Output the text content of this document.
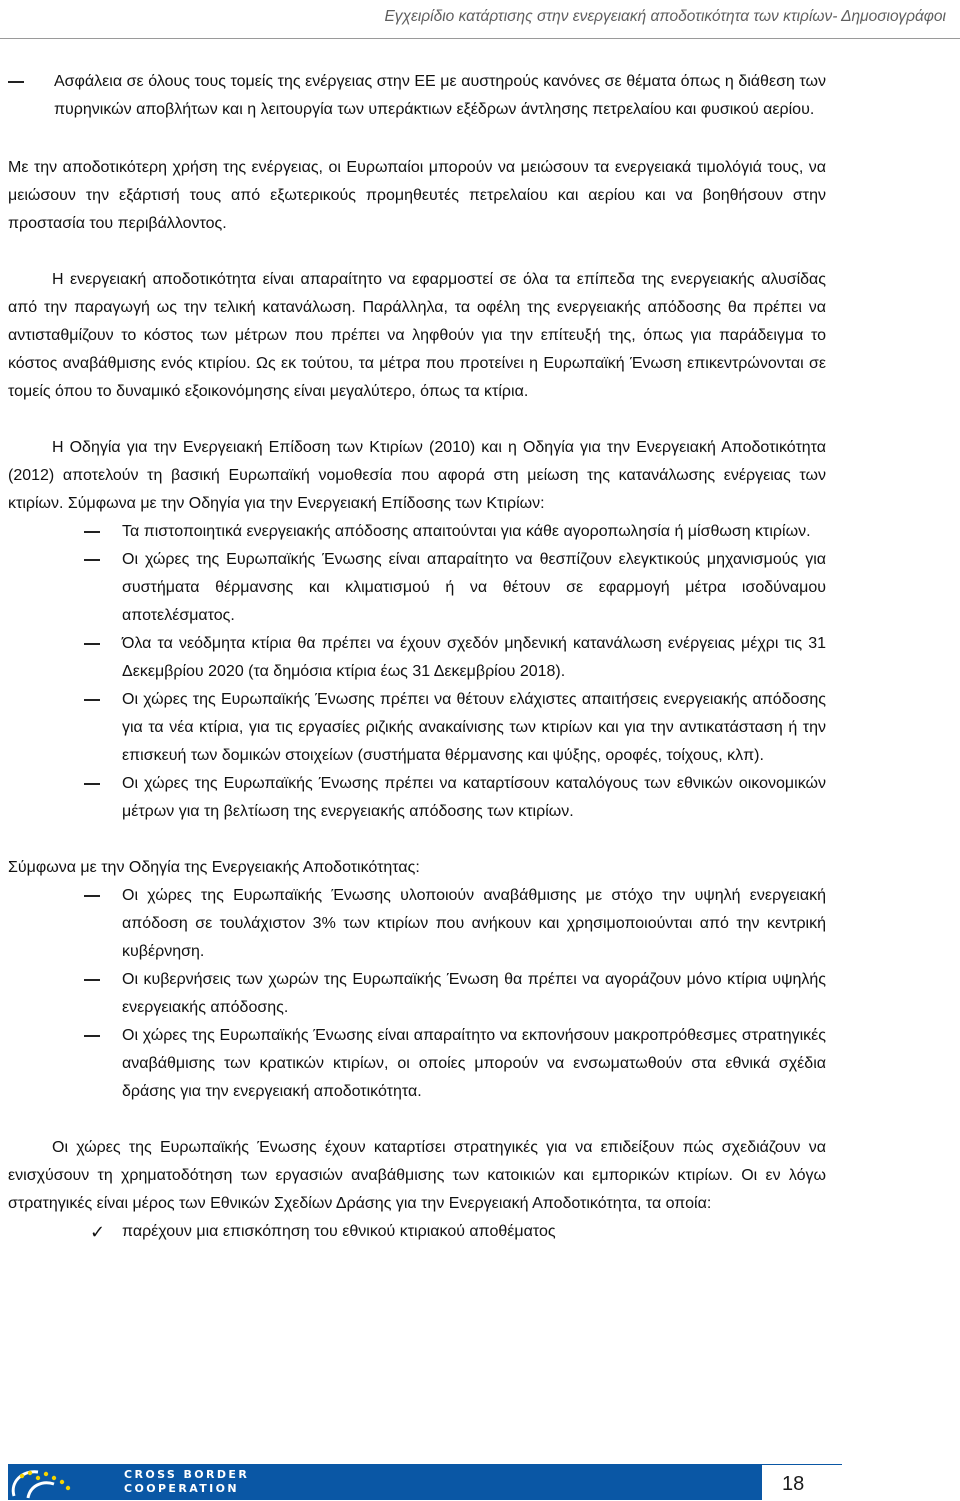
Εγχειρίδιο κατάρτισης στην ενεργειακή αποδοτικότητα των κτιρίων- Δημοσιογράφοι

Ασφάλεια σε όλους τους τομείς της ενέργειας στην ΕΕ με αυστηρούς κανόνες σε θέματα όπως η διάθεση των πυρηνικών αποβλήτων και η λειτουργία των υπεράκτιων εξέδρων άντλησης πετρελαίου και φυσικού αερίου.

Με την αποδοτικότερη χρήση της ενέργειας, οι Ευρωπαίοι μπορούν να μειώσουν τα ενεργειακά τιμολόγιά τους, να μειώσουν την εξάρτισή τους από εξωτερικούς προμηθευτές πετρελαίου και αερίου και να βοηθήσουν στην προστασία του περιβάλλοντος.

Η ενεργειακή αποδοτικότητα είναι απαραίτητο να εφαρμοστεί σε όλα τα επίπεδα της ενεργειακής αλυσίδας από την παραγωγή ως την τελική κατανάλωση. Παράλληλα, τα οφέλη της ενεργειακής απόδοσης θα πρέπει να αντισταθμίζουν το κόστος των μέτρων που πρέπει να ληφθούν για την επίτευξή της, όπως για παράδειγμα το κόστος αναβάθμισης ενός κτιρίου. Ως εκ τούτου, τα μέτρα που προτείνει η Ευρωπαϊκή Ένωση επικεντρώνονται σε τομείς όπου το δυναμικό εξοικονόμησης είναι μεγαλύτερο, όπως τα κτίρια.

Η Οδηγία για την Ενεργειακή Επίδοση των Κτιρίων (2010) και η Οδηγία για την Ενεργειακή Αποδοτικότητα (2012) αποτελούν τη βασική Ευρωπαϊκή νομοθεσία που αφορά στη μείωση της κατανάλωσης ενέργειας των κτιρίων. Σύμφωνα με την Οδηγία για την Ενεργειακή Επίδοσης των Κτιρίων:

Τα πιστοποιητικά ενεργειακής απόδοσης απαιτούνται για κάθε αγοροπωλησία ή μίσθωση κτιρίων.

Οι χώρες της Ευρωπαϊκής Ένωσης είναι απαραίτητο να θεσπίζουν ελεγκτικούς μηχανισμούς για συστήματα θέρμανσης και κλιματισμού ή να θέτουν σε εφαρμογή μέτρα ισοδύναμου αποτελέσματος.

Όλα τα νεόδμητα κτίρια θα πρέπει να έχουν σχεδόν μηδενική κατανάλωση ενέργειας μέχρι τις 31 Δεκεμβρίου 2020 (τα δημόσια κτίρια έως 31 Δεκεμβρίου 2018).

Οι χώρες της Ευρωπαϊκής Ένωσης πρέπει να θέτουν ελάχιστες απαιτήσεις ενεργειακής απόδοσης για τα νέα κτίρια, για τις εργασίες ριζικής ανακαίνισης των κτιρίων και για την αντικατάσταση ή την επισκευή των δομικών στοιχείων (συστήματα θέρμανσης και ψύξης, οροφές, τοίχους, κλπ).

Οι χώρες της Ευρωπαϊκής Ένωσης πρέπει να καταρτίσουν καταλόγους των εθνικών οικονομικών μέτρων για τη βελτίωση της ενεργειακής απόδοσης των κτιρίων.

Σύμφωνα με την Οδηγία της Ενεργειακής Αποδοτικότητας:

Οι χώρες της Ευρωπαϊκής Ένωσης υλοποιούν αναβάθμισης με στόχο την υψηλή ενεργειακή απόδοση σε τουλάχιστον 3% των κτιρίων που ανήκουν και χρησιμοποιούνται από την κεντρική κυβέρνηση.

Οι κυβερνήσεις των χωρών της Ευρωπαϊκής Ένωση θα πρέπει να αγοράζουν μόνο κτίρια υψηλής ενεργειακής απόδοσης.

Οι χώρες της Ευρωπαϊκής Ένωσης είναι απαραίτητο να εκπονήσουν μακροπρόθεσμες στρατηγικές αναβάθμισης των κρατικών κτιρίων, οι οποίες μπορούν να ενσωματωθούν στα εθνικά σχέδια δράσης για την ενεργειακή αποδοτικότητα.

Οι χώρες της Ευρωπαϊκής Ένωσης έχουν καταρτίσει στρατηγικές για να επιδείξουν πώς σχεδιάζουν να ενισχύσουν τη χρηματοδότηση των εργασιών αναβάθμισης των κατοικιών και εμπορικών κτιρίων. Οι εν λόγω στρατηγικές είναι μέρος των Εθνικών Σχεδίων Δράσης για την Ενεργειακή Αποδοτικότητα, τα οποία:

✓ παρέχουν μια επισκόπηση του εθνικού κτιριακού αποθέματος

CROSS BORDER
COOPERATION	18
